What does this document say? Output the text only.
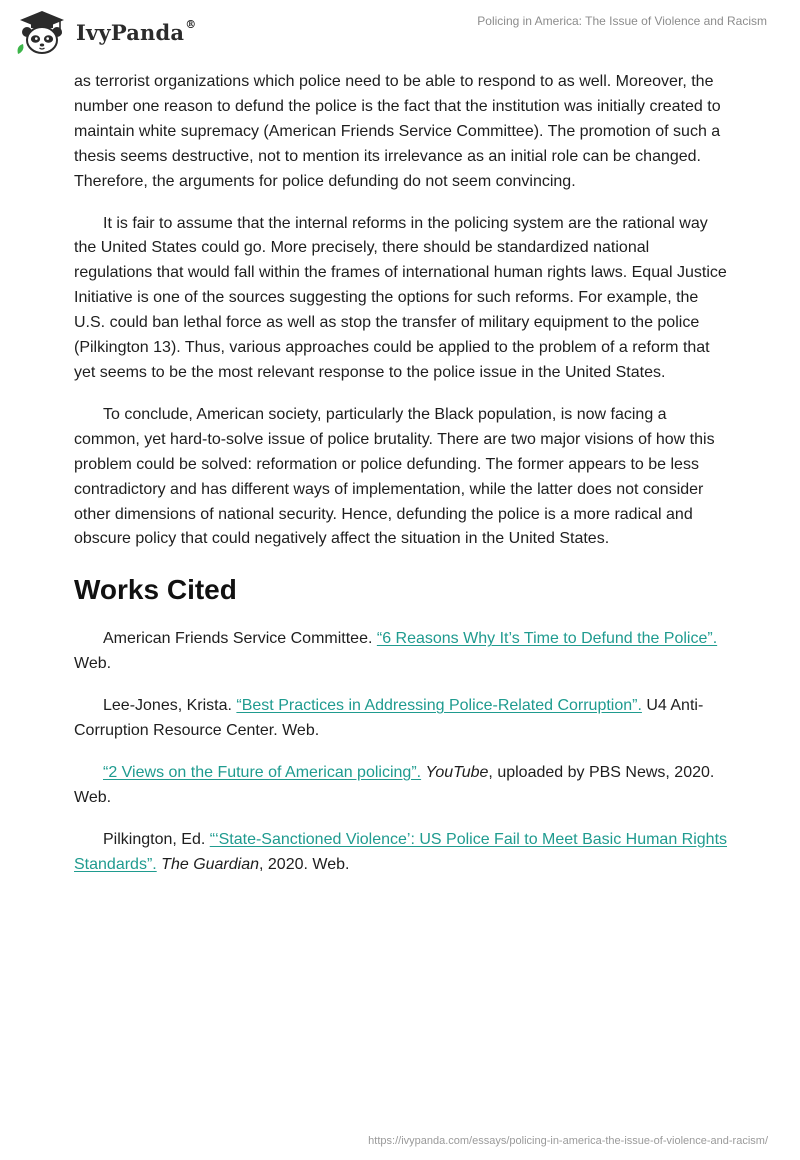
IvyPanda®	Policing in America: The Issue of Violence and Racism

as terrorist organizations which police need to be able to respond to as well. Moreover, the number one reason to defund the police is the fact that the institution was initially created to maintain white supremacy (American Friends Service Committee). The promotion of such a thesis seems destructive, not to mention its irrelevance as an initial role can be changed. Therefore, the arguments for police defunding do not seem convincing.

It is fair to assume that the internal reforms in the policing system are the rational way the United States could go. More precisely, there should be standardized national regulations that would fall within the frames of international human rights laws. Equal Justice Initiative is one of the sources suggesting the options for such reforms. For example, the U.S. could ban lethal force as well as stop the transfer of military equipment to the police (Pilkington 13). Thus, various approaches could be applied to the problem of a reform that yet seems to be the most relevant response to the police issue in the United States.

To conclude, American society, particularly the Black population, is now facing a common, yet hard-to-solve issue of police brutality. There are two major visions of how this problem could be solved: reformation or police defunding. The former appears to be less contradictory and has different ways of implementation, while the latter does not consider other dimensions of national security. Hence, defunding the police is a more radical and obscure policy that could negatively affect the situation in the United States.

Works Cited

American Friends Service Committee. “6 Reasons Why It’s Time to Defund the Police”. Web.

Lee-Jones, Krista. “Best Practices in Addressing Police-Related Corruption”. U4 Anti-Corruption Resource Center. Web.

“2 Views on the Future of American policing”. YouTube, uploaded by PBS News, 2020. Web.

Pilkington, Ed. “‘State-Sanctioned Violence’: US Police Fail to Meet Basic Human Rights Standards”. The Guardian, 2020. Web.

https://ivypanda.com/essays/policing-in-america-the-issue-of-violence-and-racism/
